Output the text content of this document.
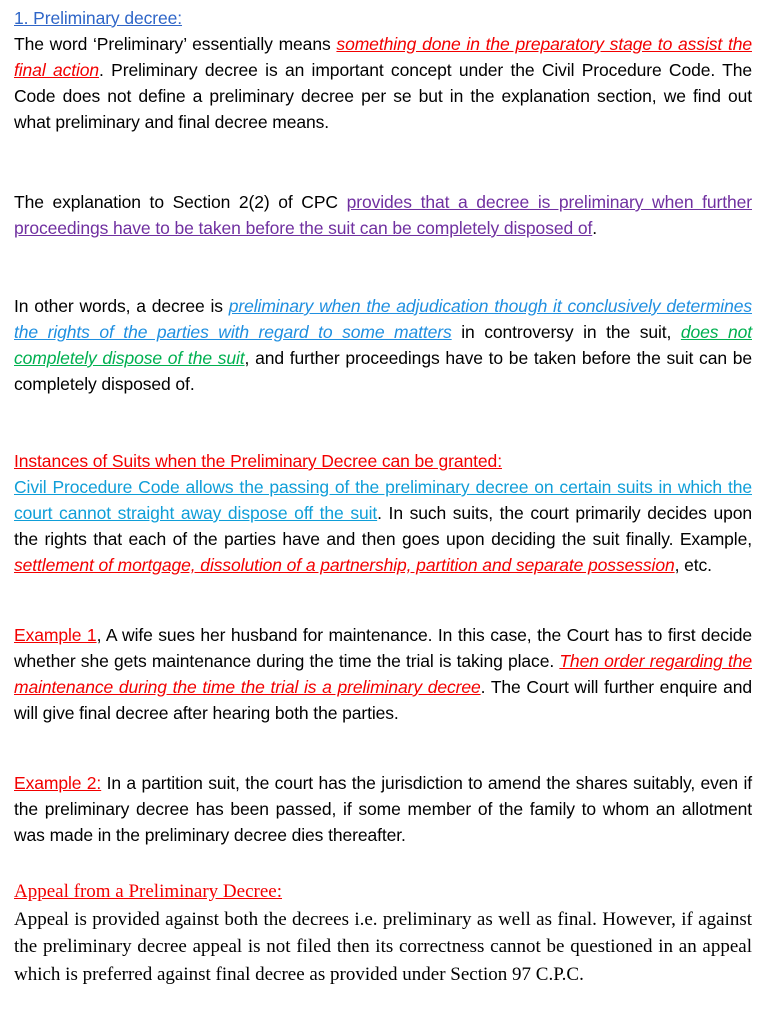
1. Preliminary decree:
The word ‘Preliminary’ essentially means something done in the preparatory stage to assist the final action. Preliminary decree is an important concept under the Civil Procedure Code. The Code does not define a preliminary decree per se but in the explanation section, we find out what preliminary and final decree means.

The explanation to Section 2(2) of CPC provides that a decree is preliminary when further proceedings have to be taken before the suit can be completely disposed of.

In other words, a decree is preliminary when the adjudication though it conclusively determines the rights of the parties with regard to some matters in controversy in the suit, does not completely dispose of the suit, and further proceedings have to be taken before the suit can be completely disposed of.

Instances of Suits when the Preliminary Decree can be granted:
Civil Procedure Code allows the passing of the preliminary decree on certain suits in which the court cannot straight away dispose off the suit. In such suits, the court primarily decides upon the rights that each of the parties have and then goes upon deciding the suit finally. Example, settlement of mortgage, dissolution of a partnership, partition and separate possession, etc.

Example 1, A wife sues her husband for maintenance. In this case, the Court has to first decide whether she gets maintenance during the time the trial is taking place. Then order regarding the maintenance during the time the trial is a preliminary decree. The Court will further enquire and will give final decree after hearing both the parties.

Example 2: In a partition suit, the court has the jurisdiction to amend the shares suitably, even if the preliminary decree has been passed, if some member of the family to whom an allotment was made in the preliminary decree dies thereafter.

Appeal from a Preliminary Decree:
Appeal is provided against both the decrees i.e. preliminary as well as final. However, if against the preliminary decree appeal is not filed then its correctness cannot be questioned in an appeal which is preferred against final decree as provided under Section 97 C.P.C.
